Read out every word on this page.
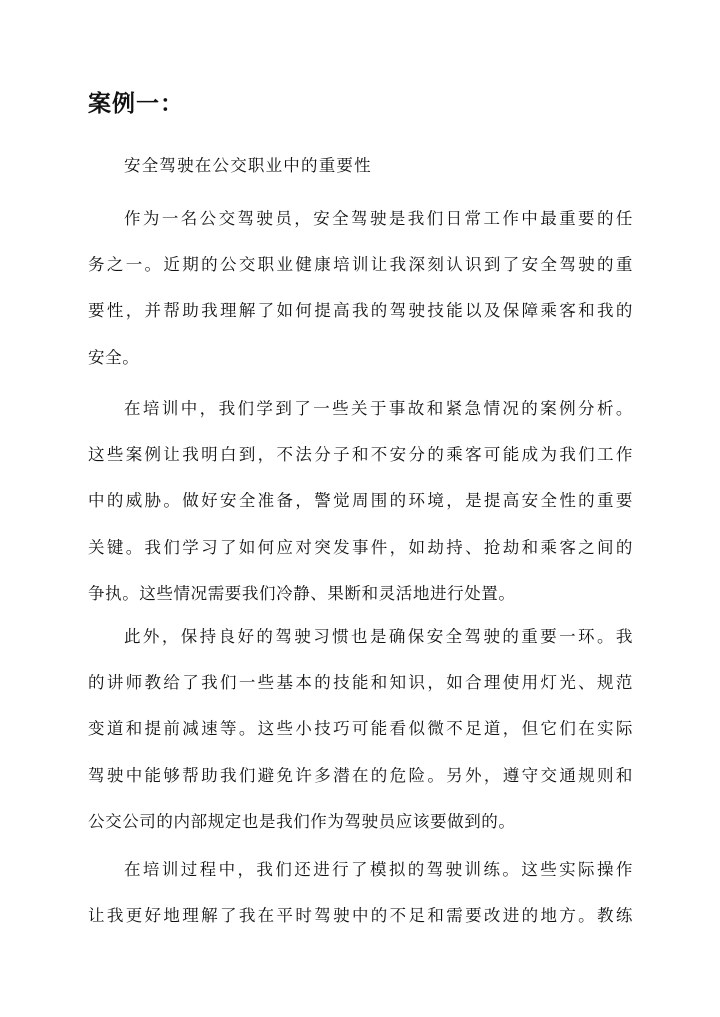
案例一：
安全驾驶在公交职业中的重要性
作为一名公交驾驶员，安全驾驶是我们日常工作中最重要的任
务之一。近期的公交职业健康培训让我深刻认识到了安全驾驶的重
要性，并帮助我理解了如何提高我的驾驶技能以及保障乘客和我的
安全。
在培训中，我们学到了一些关于事故和紧急情况的案例分析。
这些案例让我明白到，不法分子和不安分的乘客可能成为我们工作
中的威胁。做好安全准备，警觉周围的环境，是提高安全性的重要
关键。我们学习了如何应对突发事件，如劫持、抢劫和乘客之间的
争执。这些情况需要我们冷静、果断和灵活地进行处置。
此外，保持良好的驾驶习惯也是确保安全驾驶的重要一环。我
的讲师教给了我们一些基本的技能和知识，如合理使用灯光、规范
变道和提前减速等。这些小技巧可能看似微不足道，但它们在实际
驾驶中能够帮助我们避免许多潜在的危险。另外，遵守交通规则和
公交公司的内部规定也是我们作为驾驶员应该要做到的。
在培训过程中，我们还进行了模拟的驾驶训练。这些实际操作
让我更好地理解了我在平时驾驶中的不足和需要改进的地方。教练
